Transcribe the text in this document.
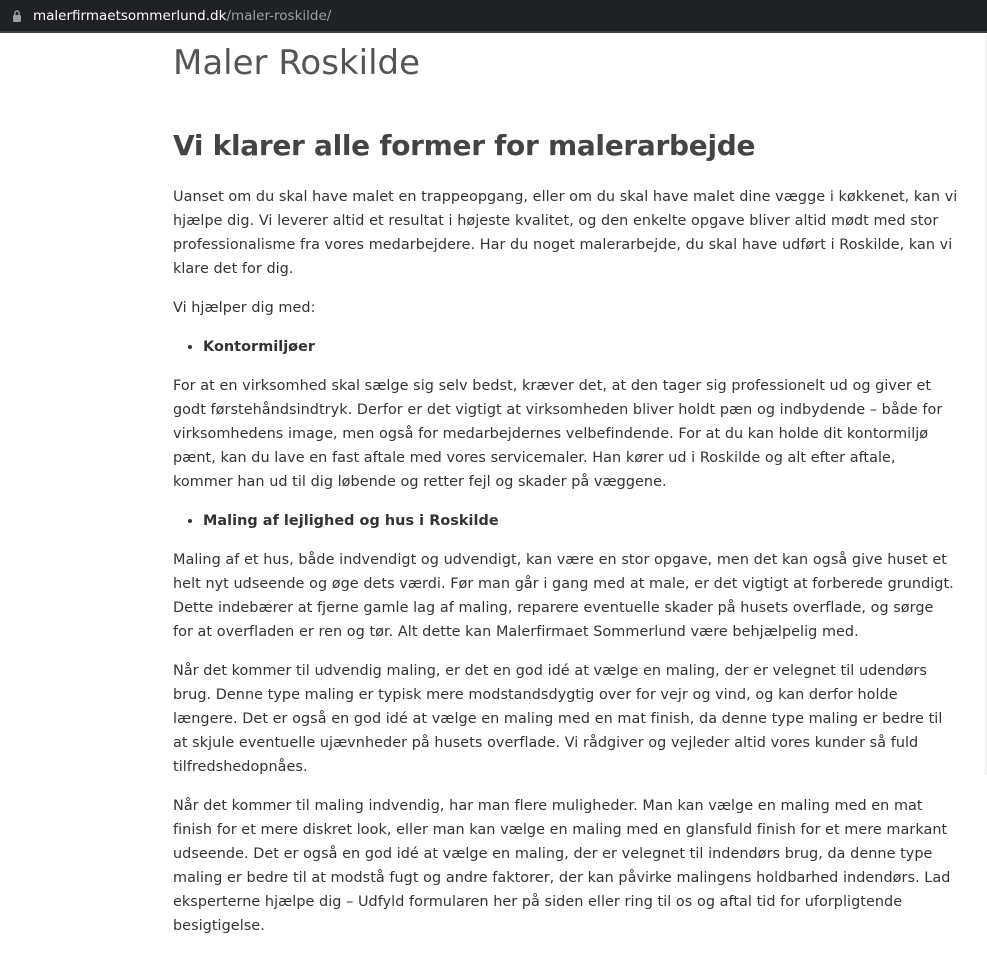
malerfirmaetsommerlund.dk/maler-roskilde/
Maler Roskilde
Vi klarer alle former for malerarbejde

Uanset om du skal have malet en trappeopgang, eller om du skal have malet dine vægge i køkkenet, kan vi hjælpe dig. Vi leverer altid et resultat i højeste kvalitet, og den enkelte opgave bliver altid mødt med stor professionalisme fra vores medarbejdere. Har du noget malerarbejde, du skal have udført i Roskilde, kan vi klare det for dig.

Vi hjælper dig med:

• Kontormiljøer

For at en virksomhed skal sælge sig selv bedst, kræver det, at den tager sig professionelt ud og giver et godt førstehåndsindtryk. Derfor er det vigtigt at virksomheden bliver holdt pæn og indbydende – både for virksomhedens image, men også for medarbejdernes velbefindende. For at du kan holde dit kontormiljø pænt, kan du lave en fast aftale med vores servicemaler. Han kører ud i Roskilde og alt efter aftale, kommer han ud til dig løbende og retter fejl og skader på væggene.

• Maling af lejlighed og hus i Roskilde

Maling af et hus, både indvendigt og udvendigt, kan være en stor opgave, men det kan også give huset et helt nyt udseende og øge dets værdi. Før man går i gang med at male, er det vigtigt at forberede grundigt. Dette indebærer at fjerne gamle lag af maling, reparere eventuelle skader på husets overflade, og sørge for at overfladen er ren og tør. Alt dette kan Malerfirmaet Sommerlund være behjælpelig med.

Når det kommer til udvendig maling, er det en god idé at vælge en maling, der er velegnet til udendørs brug. Denne type maling er typisk mere modstandsdygtig over for vejr og vind, og kan derfor holde længere. Det er også en god idé at vælge en maling med en mat finish, da denne type maling er bedre til at skjule eventuelle ujævnheder på husets overflade. Vi rådgiver og vejleder altid vores kunder så fuld tilfredshedopnåes.

Når det kommer til maling indvendig, har man flere muligheder. Man kan vælge en maling med en mat finish for et mere diskret look, eller man kan vælge en maling med en glansfuld finish for et mere markant udseende. Det er også en god idé at vælge en maling, der er velegnet til indendørs brug, da denne type maling er bedre til at modstå fugt og andre faktorer, der kan påvirke malingens holdbarhed indendørs. Lad eksperterne hjælpe dig – Udfyld formularen her på siden eller ring til os og aftal tid for uforpligtende besigtigelse.
